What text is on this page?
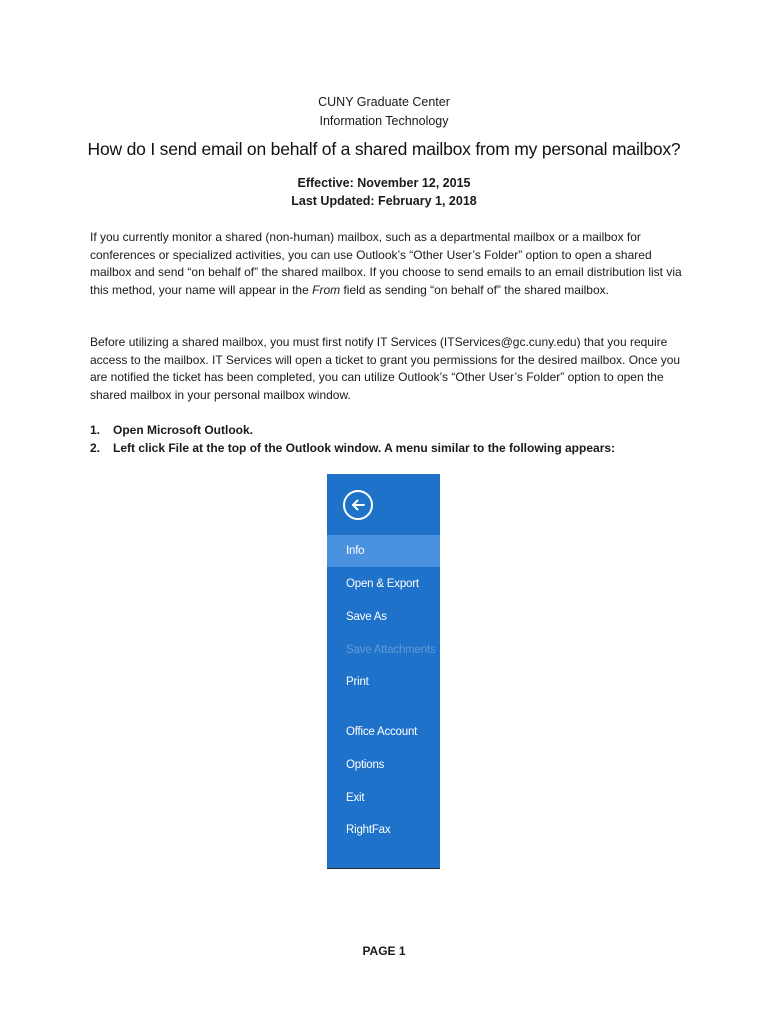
CUNY Graduate Center
Information Technology
How do I send email on behalf of a shared mailbox from my personal mailbox?
Effective: November 12, 2015
Last Updated: February 1, 2018

If you currently monitor a shared (non-human) mailbox, such as a departmental mailbox or a mailbox for conferences or specialized activities, you can use Outlook’s “Other User’s Folder” option to open a shared mailbox and send “on behalf of” the shared mailbox. If you choose to send emails to an email distribution list via this method, your name will appear in the From field as sending “on behalf of” the shared mailbox.

Before utilizing a shared mailbox, you must first notify IT Services (ITServices@gc.cuny.edu) that you require access to the mailbox. IT Services will open a ticket to grant you permissions for the desired mailbox. Once you are notified the ticket has been completed, you can utilize Outlook’s “Other User’s Folder” option to open the shared mailbox in your personal mailbox window.

1. Open Microsoft Outlook.
2. Left click File at the top of the Outlook window. A menu similar to the following appears:
Info
Open & Export
Save As
Save Attachments
Print
Office Account
Options
Exit
RightFax
PAGE 1
